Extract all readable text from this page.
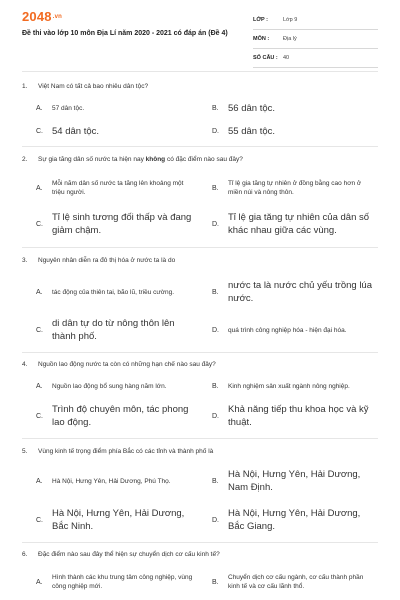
$2048^{.vn}$
Đề thi vào lớp 10 môn Địa Lí năm 2020 - 2021 có đáp án (Đề 4)
LỚP :	Lớp 9
MÔN :	Địa lý
SỐ CÂU : 40
1. Việt Nam có tất cả bao nhiêu dân tộc?
A.	57 dân tộc.	B. 56 dân tộc.
C. 54 dân tộc.	D. 55 dân tộc.
2. Sự gia tăng dân số nước ta hiện nay không có đặc điểm nào sau đây?
A.
Mỗi năm dân số nước ta tăng lên khoảng một triệu người.
B.
Tỉ lệ gia tăng tự nhiên ở đồng bằng cao hơn ở miền núi và nông thôn.
C.
Tỉ lệ sinh tương đối thấp và đang giảm chậm.
D.
Tỉ lệ gia tăng tự nhiên của dân số khác nhau giữa các vùng.
3. Nguyên nhân diễn ra đô thị hóa ở nước ta là do
A.	tác động của thiên tai, bão lũ, triều cường.	B.
nước ta là nước chủ yếu trồng lúa nước.
C.
di dân tự do từ nông thôn lên thành phố.
D.	quá trình công nghiệp hóa - hiện đại hóa.
4. Nguồn lao động nước ta còn có những hạn chế nào sau đây?
A.	Nguồn lao động bổ sung hàng năm lớn.	B.	Kinh nghiệm sản xuất ngành nông nghiệp.
C.
Trình độ chuyên môn, tác phong lao động.
D.
Khả năng tiếp thu khoa học và kỹ thuật.
5. Vùng kinh tế trọng điểm phía Bắc có các tỉnh và thành phố là
A.	Hà Nội, Hưng Yên, Hải Dương, Phú Thọ.	B.
Hà Nội, Hưng Yên, Hải Dương, Nam Định.
C.
Hà Nội, Hưng Yên, Hải Dương, Bắc Ninh.
D.
Hà Nội, Hưng Yên, Hải Dương, Bắc Giang.
6. Đặc điểm nào sau đây thể hiện sự chuyển dịch cơ cấu kinh tế?
A.
Hình thành các khu trung tâm công nghiệp, vùng công nghiệp mới.
B.
Chuyển dịch cơ cấu ngành, cơ cấu thành phần kinh tế và cơ cấu lãnh thổ.
